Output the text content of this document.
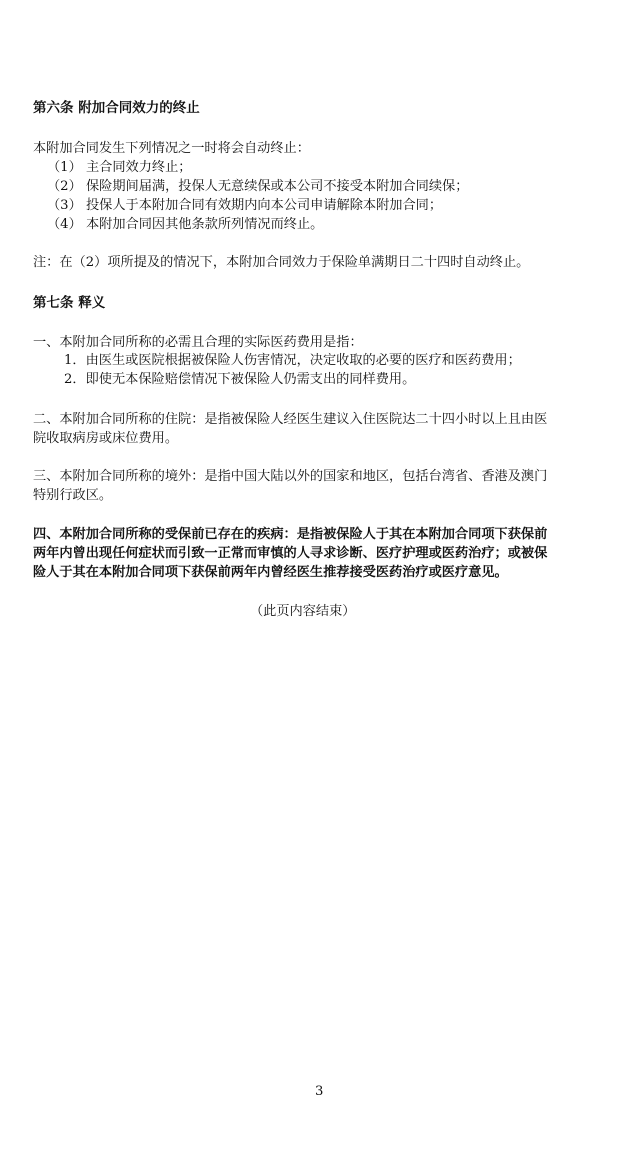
第六条 附加合同效力的终止
本附加合同发生下列情况之一时将会自动终止：
（1） 主合同效力终止；
（2） 保险期间届满，投保人无意续保或本公司不接受本附加合同续保；
（3） 投保人于本附加合同有效期内向本公司申请解除本附加合同；
（4） 本附加合同因其他条款所列情况而终止。
注：在（2）项所提及的情况下，本附加合同效力于保险单满期日二十四时自动终止。
第七条 释义
一、本附加合同所称的必需且合理的实际医药费用是指：
1．由医生或医院根据被保险人伤害情况，决定收取的必要的医疗和医药费用；
2．即使无本保险赔偿情况下被保险人仍需支出的同样费用。
二、本附加合同所称的住院：是指被保险人经医生建议入住医院达二十四小时以上且由医
院收取病房或床位费用。
三、本附加合同所称的境外：是指中国大陆以外的国家和地区，包括台湾省、香港及澳门
特别行政区。
四、本附加合同所称的受保前已存在的疾病：是指被保险人于其在本附加合同项下获保前
两年内曾出现任何症状而引致一正常而审慎的人寻求诊断、医疗护理或医药治疗；或被保
险人于其在本附加合同项下获保前两年内曾经医生推荐接受医药治疗或医疗意见。
（此页内容结束）
3
